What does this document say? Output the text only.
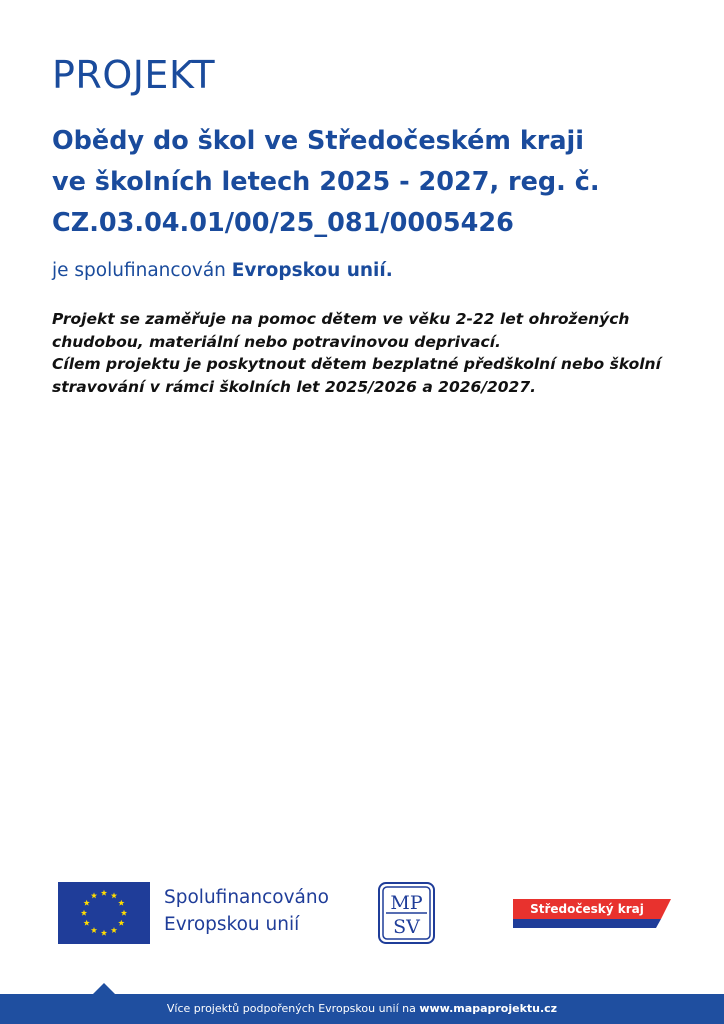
PROJEKT
Obědy do škol ve Středočeském kraji
ve školních letech 2025 - 2027, reg. č.
CZ.03.04.01/00/25_081/0005426

je spolufinancován Evropskou unií.

Projekt se zaměřuje na pomoc dětem ve věku 2-22 let ohrožených

chudobou, materiální nebo potravinovou deprivací.

Cílem projektu je poskytnout dětem bezplatné předškolní nebo školní

stravování v rámci školních let 2025/2026 a 2026/2027.

Spolufinancováno
Evropskou unií
MP
SV
Středočeský kraj
Více projektů podpořených Evropskou unií na www.mapaprojektu.cz
